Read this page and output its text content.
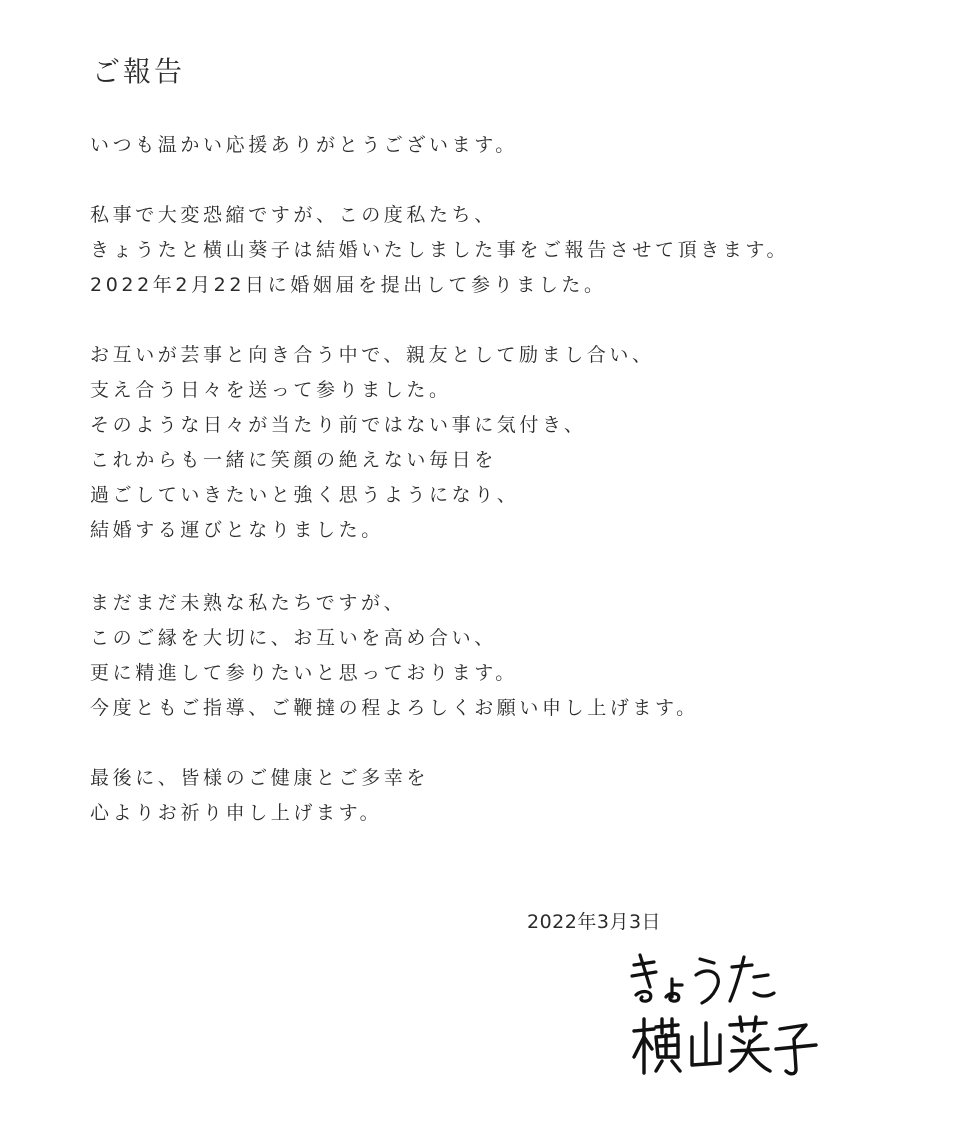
ご報告
いつも温かい応援ありがとうございます。
私事で大変恐縮ですが、この度私たち、
きょうたと横山葵子は結婚いたしました事をご報告させて頂きます。
2022年2月22日に婚姻届を提出して参りました。
お互いが芸事と向き合う中で、親友として励まし合い、
支え合う日々を送って参りました。
そのような日々が当たり前ではない事に気付き、
これからも一緒に笑顔の絶えない毎日を
過ごしていきたいと強く思うようになり、
結婚する運びとなりました。
まだまだ未熟な私たちですが、
このご縁を大切に、お互いを高め合い、
更に精進して参りたいと思っております。
今度ともご指導、ご鞭撻の程よろしくお願い申し上げます。
最後に、皆様のご健康とご多幸を
心よりお祈り申し上げます。
2022年3月3日
